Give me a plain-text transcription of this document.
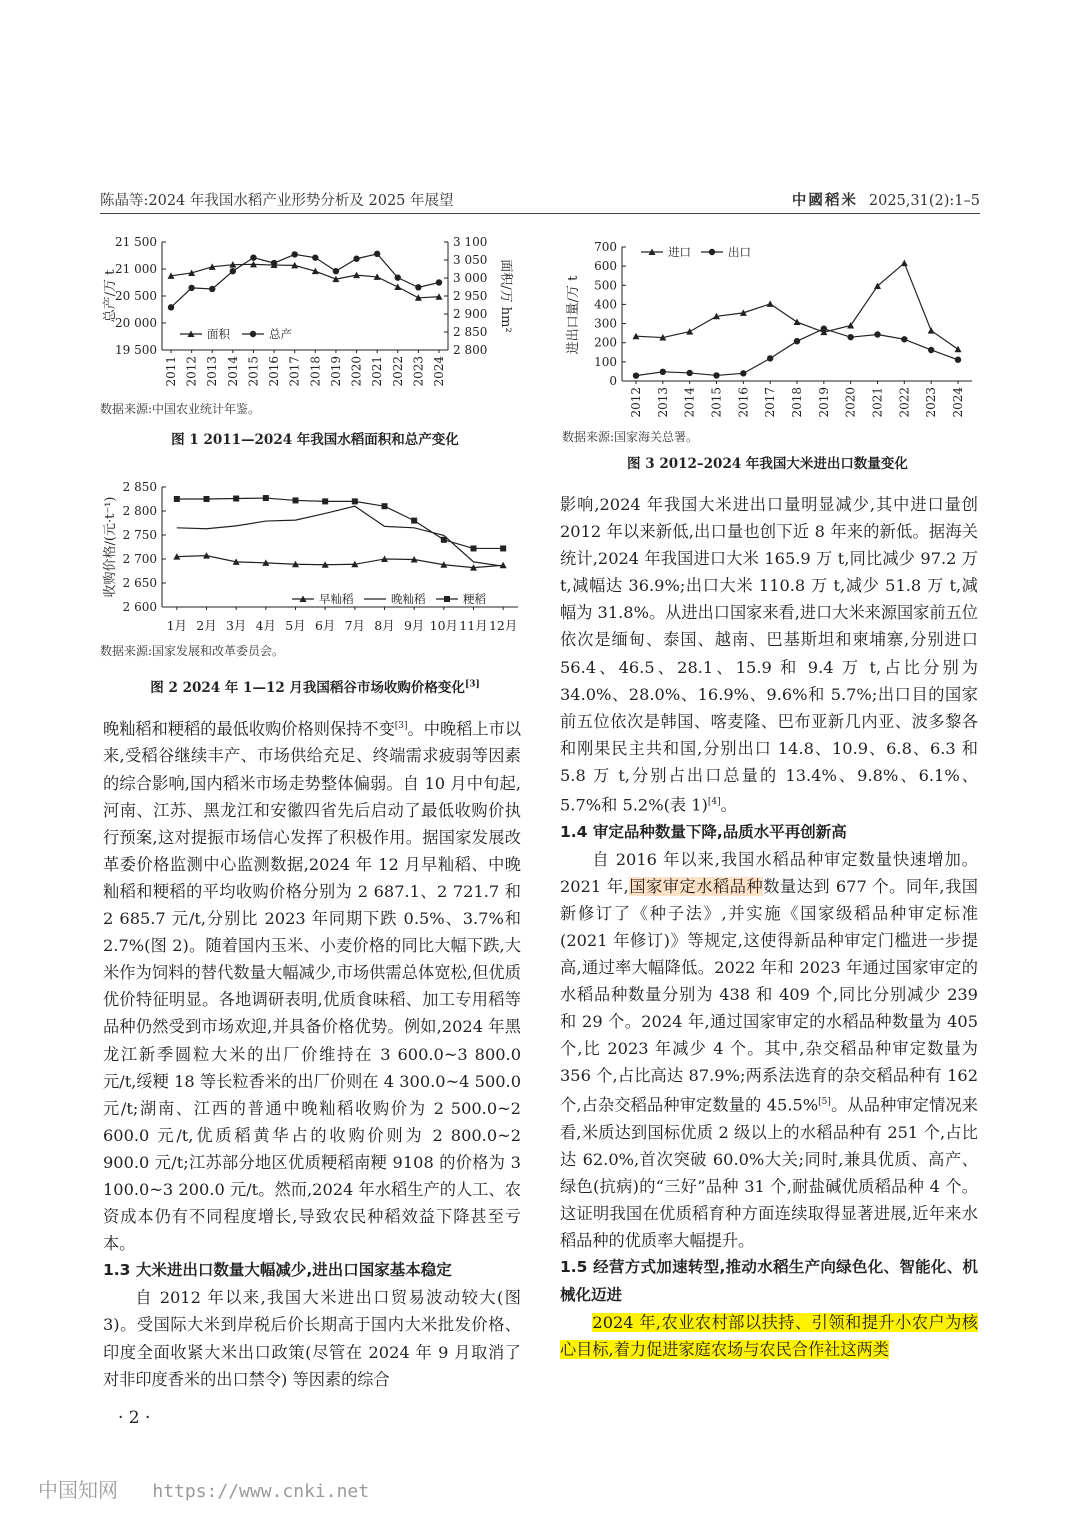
陈晶等:2024 年我国水稻产业形势分析及 2025 年展望	中國稻米 2025,31(2):1–5
19 500
20 000
20 500
21 000
21 500
2 800
2 850
2 900
2 950
3 000
3 050
3 100
2011 2012 2013 2014 2015 2016 2017 2018 2019 2020 2021 2022 2023 2024
总产/万 t	面积/万 hm²
面积	总产
数据来源:中国农业统计年鉴。
图 1 2011—2024 年我国水稻面积和总产变化
2 600
2 650
2 700
2 750
2 800
2 850
1月 2月 3月 4月 5月 6月 7月 8月 9月 10月 11月 12月
收购价格/(元·t⁻¹)
早籼稻	晚籼稻	粳稻
数据来源:国家发展和改革委员会。
图 2 2024 年 1—12 月我国稻谷市场收购价格变化[3]
0
100
200
300
400
500
600
700
2012 2013 2014 2015 2016 2017 2018 2019 2020 2021 2022 2023 2024
进出口量/万 t
进口	出口
数据来源:国家海关总署。
图 3 2012–2024 年我国大米进出口数量变化

晚籼稻和粳稻的最低收购价格则保持不变[3]。中晚稻上市以来,受稻谷继续丰产、市场供给充足、终端需求疲弱等因素的综合影响,国内稻米市场走势整体偏弱。自 10 月中旬起,河南、江苏、黑龙江和安徽四省先后启动了最低收购价执行预案,这对提振市场信心发挥了积极作用。据国家发展改革委价格监测中心监测数据,2024 年 12 月早籼稻、中晚籼稻和粳稻的平均收购价格分别为 2 687.1、2 721.7 和 2 685.7 元/t,分别比 2023 年同期下跌 0.5%、3.7%和 2.7%(图 2)。随着国内玉米、小麦价格的同比大幅下跌,大米作为饲料的替代数量大幅减少,市场供需总体宽松,但优质优价特征明显。各地调研表明,优质食味稻、加工专用稻等品种仍然受到市场欢迎,并具备价格优势。例如,2024 年黑龙江新季圆粒大米的出厂价维持在 3 600.0~3 800.0 元/t,绥粳 18 等长粒香米的出厂价则在 4 300.0~4 500.0 元/t;湖南、江西的普通中晚籼稻收购价为 2 500.0~2 600.0 元/t,优质稻黄华占的收购价则为 2 800.0~2 900.0 元/t;江苏部分地区优质粳稻南粳 9108 的价格为 3 100.0~3 200.0 元/t。然而,2024 年水稻生产的人工、农资成本仍有不同程度增长,导致农民种稻效益下降甚至亏本。

1.3 大米进出口数量大幅减少,进出口国家基本稳定

自 2012 年以来,我国大米进出口贸易波动较大(图 3)。受国际大米到岸税后价长期高于国内大米批发价格、印度全面收紧大米出口政策(尽管在 2024 年 9 月取消了对非印度香米的出口禁令) 等因素的综合

影响,2024 年我国大米进出口量明显减少,其中进口量创 2012 年以来新低,出口量也创下近 8 年来的新低。据海关统计,2024 年我国进口大米 165.9 万 t,同比减少 97.2 万 t,减幅达 36.9%;出口大米 110.8 万 t,减少 51.8 万 t,减幅为 31.8%。从进出口国家来看,进口大米来源国家前五位依次是缅甸、泰国、越南、巴基斯坦和柬埔寨,分别进口 56.4、46.5、28.1、15.9 和 9.4 万 t,占比分别为 34.0%、28.0%、16.9%、9.6%和 5.7%;出口目的国家前五位依次是韩国、喀麦隆、巴布亚新几内亚、波多黎各和刚果民主共和国,分别出口 14.8、10.9、6.8、6.3 和 5.8 万 t,分别占出口总量的 13.4%、9.8%、6.1%、5.7%和 5.2%(表 1)[4]。

1.4 审定品种数量下降,品质水平再创新高

自 2016 年以来,我国水稻品种审定数量快速增加。2021 年,国家审定水稻品种数量达到 677 个。同年,我国新修订了《种子法》,并实施《国家级稻品种审定标准(2021 年修订)》等规定,这使得新品种审定门槛进一步提高,通过率大幅降低。2022 年和 2023 年通过国家审定的水稻品种数量分别为 438 和 409 个,同比分别减少 239 和 29 个。2024 年,通过国家审定的水稻品种数量为 405 个,比 2023 年减少 4 个。其中,杂交稻品种审定数量为 356 个,占比高达 87.9%;两系法选育的杂交稻品种有 162 个,占杂交稻品种审定数量的 45.5%[5]。从品种审定情况来看,米质达到国标优质 2 级以上的水稻品种有 251 个,占比达 62.0%,首次突破 60.0%大关;同时,兼具优质、高产、绿色(抗病)的“三好”品种 31 个,耐盐碱优质稻品种 4 个。这证明我国在优质稻育种方面连续取得显著进展,近年来水稻品种的优质率大幅提升。

1.5 经营方式加速转型,推动水稻生产向绿色化、智能化、机械化迈进

2024 年,农业农村部以扶持、引领和提升小农户为核心目标,着力促进家庭农场与农民合作社这两类

· 2 ·
中国知网 https://www.cnki.net
